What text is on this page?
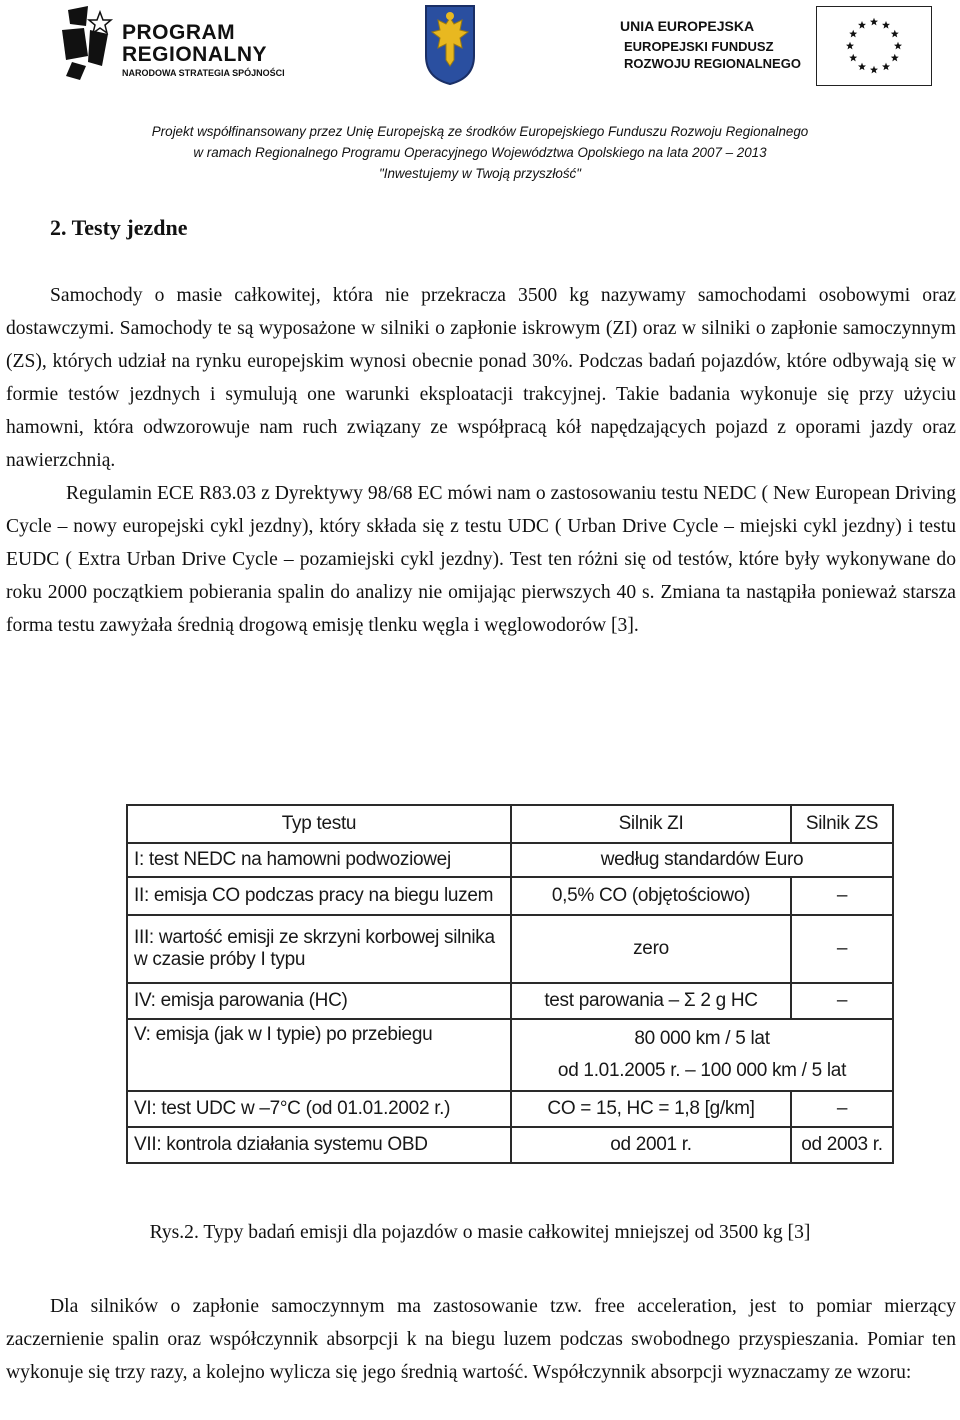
PROGRAM
REGIONALNY
NARODOWA STRATEGIA SPÓJNOŚCI
UNIA EUROPEJSKA
EUROPEJSKI FUNDUSZ
ROZWOJU REGIONALNEGO
Projekt współfinansowany przez Unię Europejską ze środków Europejskiego Funduszu Rozwoju Regionalnego
w ramach Regionalnego Programu Operacyjnego Województwa Opolskiego na lata 2007 – 2013
"Inwestujemy w Twoją przyszłość"
2. Testy jezdne

Samochody o masie całkowitej, która nie przekracza 3500 kg nazywamy samochodami osobowymi oraz dostawczymi. Samochody te są wyposażone w silniki o zapłonie iskrowym (ZI) oraz w silniki o zapłonie samoczynnym (ZS), których udział na rynku europejskim wynosi obecnie ponad 30%. Podczas badań pojazdów, które odbywają się w formie testów jezdnych i symulują one warunki eksploatacji trakcyjnej. Takie badania wykonuje się przy użyciu hamowni, która odwzorowuje nam ruch związany ze współpracą kół napędzających pojazd z oporami jazdy oraz nawierzchnią.

Regulamin ECE R83.03 z Dyrektywy 98/68 EC mówi nam o zastosowaniu testu NEDC ( New European Driving Cycle – nowy europejski cykl jezdny), który składa się z testu UDC ( Urban Drive Cycle – miejski cykl jezdny) i testu EUDC ( Extra Urban Drive Cycle – pozamiejski cykl jezdny). Test ten różni się od testów, które były wykonywane do roku 2000 początkiem pobierania spalin do analizy nie omijając pierwszych 40 s. Zmiana ta nastąpiła ponieważ starsza forma testu zawyżała średnią drogową emisję tlenku węgla i węglowodorów [3].

Typ testu	Silnik ZI	Silnik ZS
I: test NEDC na hamowni podwoziowej	według standardów Euro	
II: emisja CO podczas pracy na biegu luzem	0,5% CO (objętościowo)	–
III: wartość emisji ze skrzyni korbowej silnika w czasie próby I typu	zero	–
IV: emisja parowania (HC)	test parowania – Σ 2 g HC	–
V: emisja (jak w I typie) po przebiegu	80 000 km / 5 lat
od 1.01.2005 r. – 100 000 km / 5 lat	

VI: test UDC w –7°C (od 01.01.2002 r.)	CO = 15, HC = 1,8 [g/km]	–
VII: kontrola działania systemu OBD	od 2001 r.	od 2003 r.
Rys.2. Typy badań emisji dla pojazdów o masie całkowitej mniejszej od 3500 kg [3]

Dla silników o zapłonie samoczynnym ma zastosowanie tzw. free acceleration, jest to pomiar mierzący zaczernienie spalin oraz współczynnik absorpcji k na biegu luzem podczas swobodnego przyspieszania. Pomiar ten wykonuje się trzy razy, a kolejno wylicza się jego średnią wartość. Współczynnik absorpcji wyznaczamy ze wzoru:
